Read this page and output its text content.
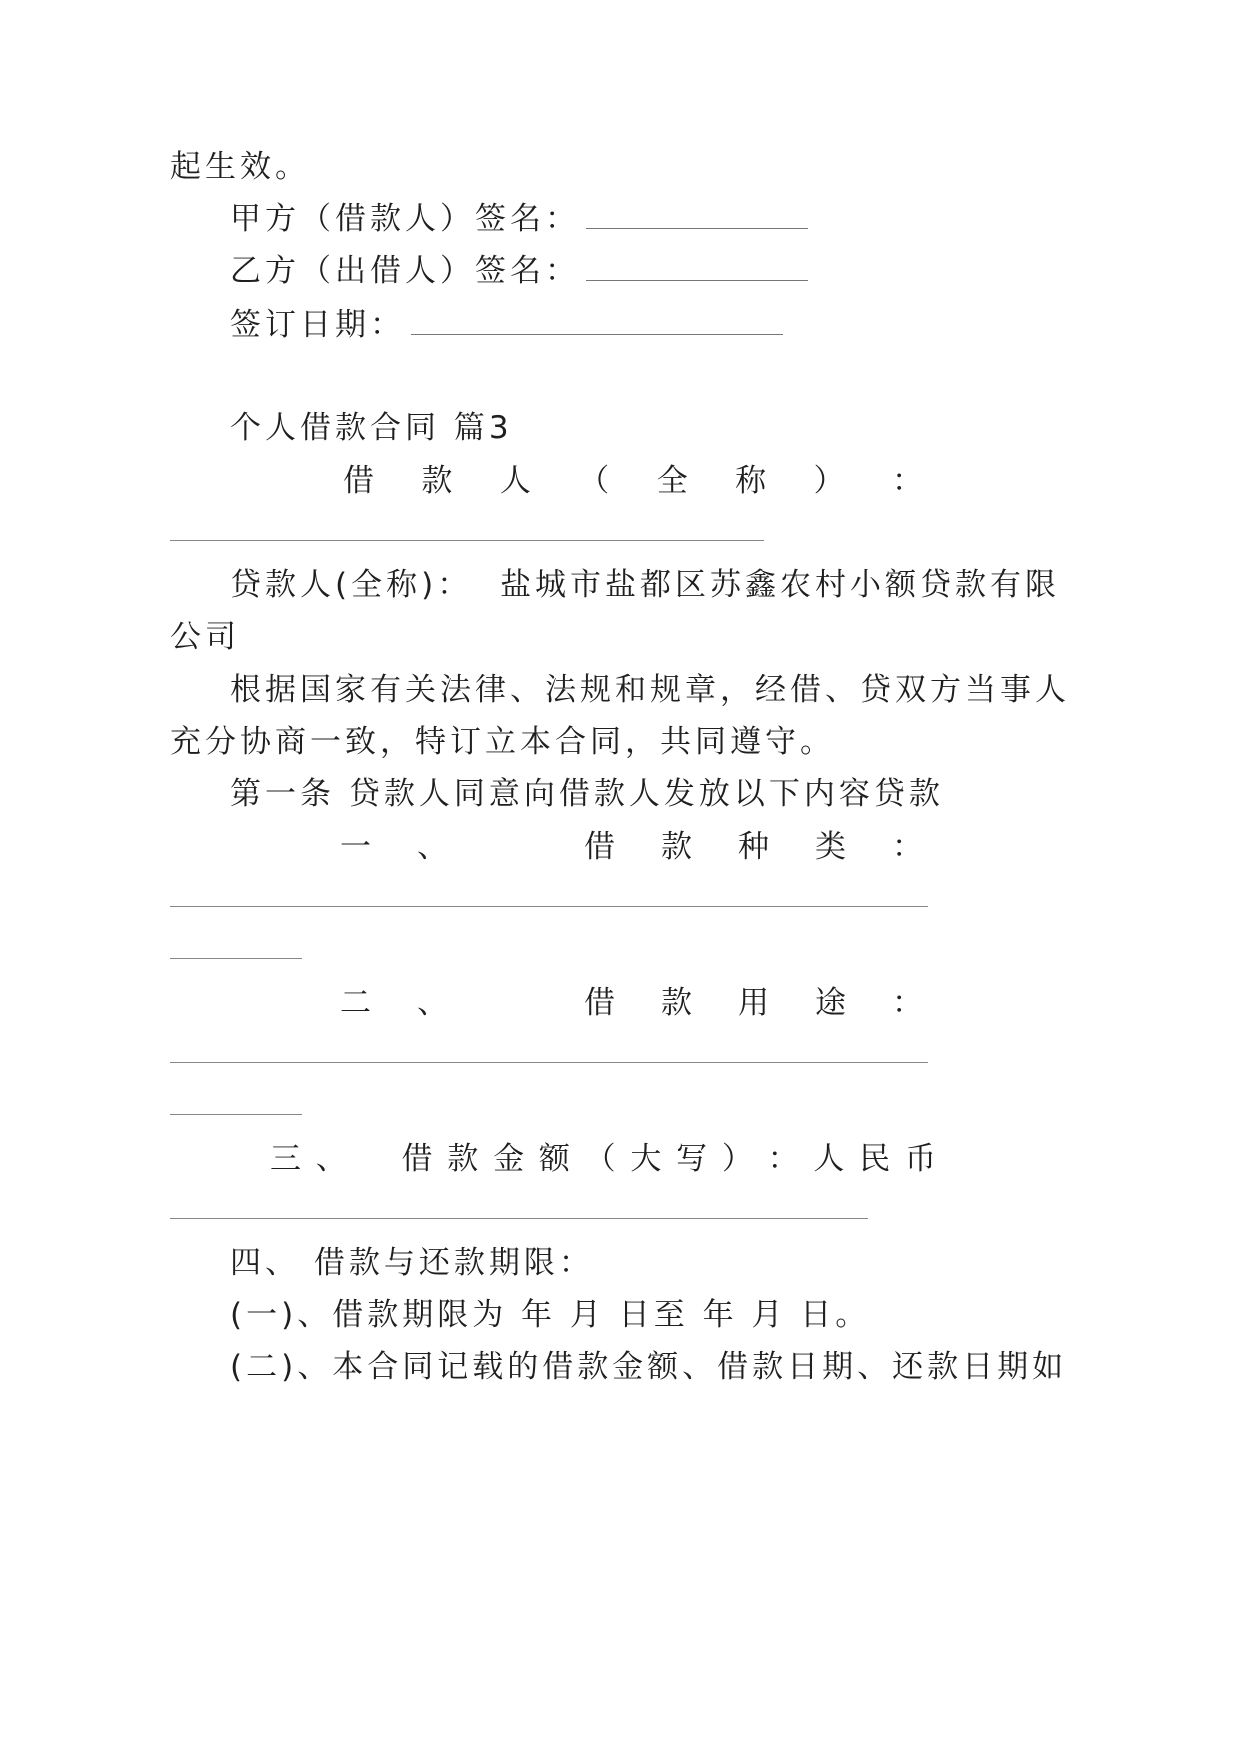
起生效。
甲方（借款人）签名：
乙方（出借人）签名：
签订日期：
个人借款合同 篇3
借 款 人 （ 全 称 ） ：
贷款人(全称)： 盐城市盐都区苏鑫农村小额贷款有限
公司
根据国家有关法律、法规和规章，经借、贷双方当事人
充分协商一致，特订立本合同，共同遵守。
第一条 贷款人同意向借款人发放以下内容贷款
一 、	借 款 种 类 ：
二 、	借 款 用 途 ：
三 、 借 款 金 额 （ 大 写 ） ： 人 民 币
四、 借款与还款期限：
(一)、借款期限为 年 月 日至 年 月 日。
(二)、本合同记载的借款金额、借款日期、还款日期如
